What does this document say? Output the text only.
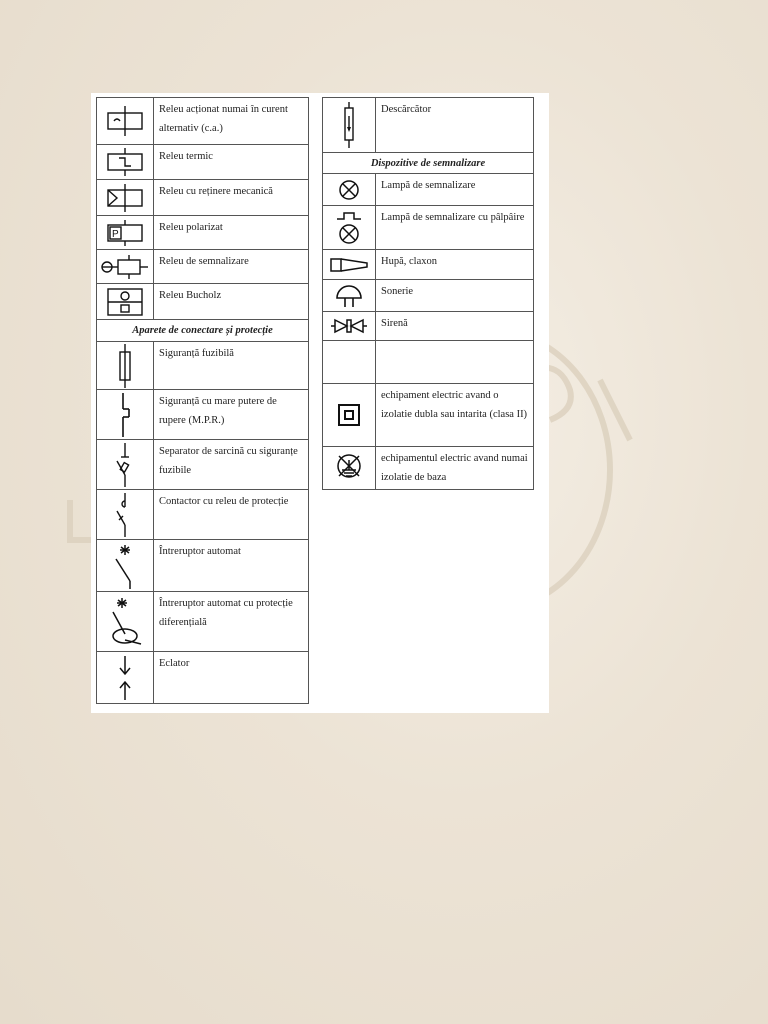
	Releu acționat numai în curent alternativ (c.a.)

	Releu termic

	Releu cu reținere mecanică

P	Releu polarizat

	Releu de semnalizare

	Releu Bucholz
Aparete de conectare și protecție	

	Siguranță fuzibilă

	Siguranță cu mare putere de rupere (M.P.R.)

	Separator de sarcină cu siguranțe fuzibile

	Contactor cu releu de protecție

	Întreruptor automat

	Întreruptor automat cu protecție diferențială

	Eclator
	Descărcător
Dispozitive de semnalizare	

	Lampă de semnalizare

	Lampă de semnalizare cu pâlpâire

	Hupă, claxon

	Sonerie

	Sirenă

	echipament electric avand o izolatie dubla sau intarita (clasa II)

	echipamentul electric avand numai izolatie de baza
